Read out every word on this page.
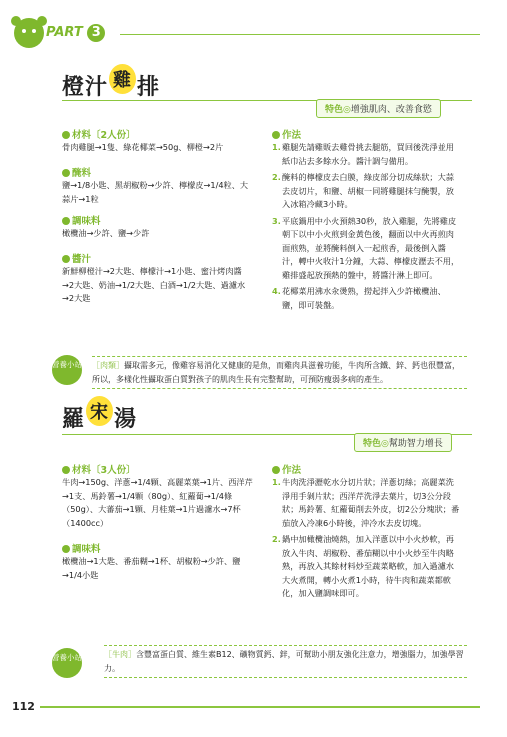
PART 3
橙汁 雞 排
特色◎增強肌肉、改善食慾
材料〔2人份〕
骨肉雞腿→1隻、綠花椰菜→50g、柳橙→2片
醃料
鹽→1/8小匙、黑胡椒粉→少許、檸檬皮→1/4粒、大蒜片→1粒
調味料
橄欖油→少許、鹽→少許
醬汁
新鮮柳橙汁→2大匙、檸檬汁→1小匙、蜜汁烤肉醬→2大匙、奶油→1/2大匙、白酒→1/2大匙、過濾水→2大匙
作法
1. 雞腿先請雞販去雞骨挑去腿筋，買回後洗淨並用紙巾沾去多餘水分。醬汁調勻備用。
2. 醃料的檸檬皮去白膜，綠皮部分切成絲狀；大蒜去皮切片，和鹽、胡椒一同將雞腿抹勻醃製，放入冰箱冷藏3小時。
3. 平底鍋用中小火預熱30秒，放入雞腿，先將雞皮朝下以中小火煎到金黃色後，翻面以中火再煎肉面煎熟，並將醃料倒入一起煎香，最後倒入醬汁，轉中火收汁1分鐘，大蒜、檸檬皮瀝去不用，雞排盛起放預熱的盤中，將醬汁淋上即可。
4. 花椰菜用沸水汆燙熟，撈起拌入少許橄欖油、鹽，即可裝盤。
營養小站 ［肉類］攝取需多元，像雞容易消化又健康的是魚，而雞肉具滋養功能，牛肉所含鐵、鋅、鈣也很豐富，所以，多樣化性攝取蛋白質對孩子的肌肉生長有完整幫助，可預防瘦弱多病的產生。
羅 宋 湯
特色◎幫助智力增長
材料〔3人份〕
牛肉→150g、洋蔥→1/4顆、高麗菜葉→1片、西洋芹→1支、馬鈴薯→1/4顆（80g）、紅蘿蔔→1/4條（50g）、大蕃茄→1顆、月桂葉→1片過濾水→7杯（1400cc）
調味料
橄欖油→1大匙、番茄糊→1杯、胡椒粉→少許、鹽→1/4小匙
作法
1. 牛肉洗淨瀝乾水分切片狀；洋蔥切絲；高麗菜洗淨用手剝片狀；西洋芹洗淨去葉片，切3公分段狀；馬鈴薯、紅蘿蔔削去外皮，切2公分塊狀；番茄放入冷凍6小時後，沖冷水去皮切塊。
2. 鍋中加橄欖油燒熱，加入洋蔥以中小火炒軟，再放入牛肉、胡椒粉、番茄糊以中小火炒至牛肉略熟，再放入其餘材料炒至蔬菜略軟，加入過濾水大火煮開，轉小火煮1小時，待牛肉和蔬菜都軟化，加入鹽調味即可。
營養小站	［牛肉］含豐富蛋白質、維生素B12、礦物質鈣、鋅，可幫助小朋友強化注意力，增強腦力，加強學習力。
112
